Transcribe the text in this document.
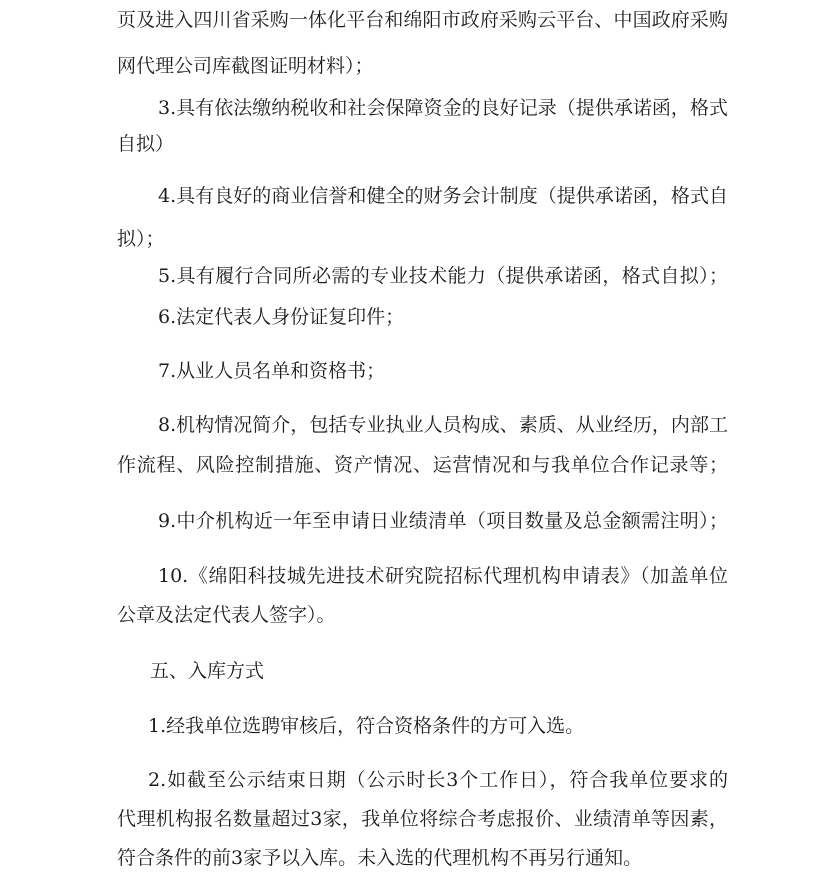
页及进入四川省采购一体化平台和绵阳市政府采购云平台、中国政府采购
网代理公司库截图证明材料）；
3.具有依法缴纳税收和社会保障资金的良好记录（提供承诺函，格式
自拟）
4.具有良好的商业信誉和健全的财务会计制度（提供承诺函，格式自
拟）；
5.具有履行合同所必需的专业技术能力（提供承诺函，格式自拟）；
6.法定代表人身份证复印件；
7.从业人员名单和资格书；
8.机构情况简介，包括专业执业人员构成、素质、从业经历，内部工
作流程、风险控制措施、资产情况、运营情况和与我单位合作记录等；
9.中介机构近一年至申请日业绩清单（项目数量及总金额需注明）；
10.《绵阳科技城先进技术研究院招标代理机构申请表》（加盖单位
公章及法定代表人签字）。
五、入库方式
1.经我单位选聘审核后，符合资格条件的方可入选。
2.如截至公示结束日期（公示时长3个工作日），符合我单位要求的
代理机构报名数量超过3家，我单位将综合考虑报价、业绩清单等因素，
符合条件的前3家予以入库。未入选的代理机构不再另行通知。
